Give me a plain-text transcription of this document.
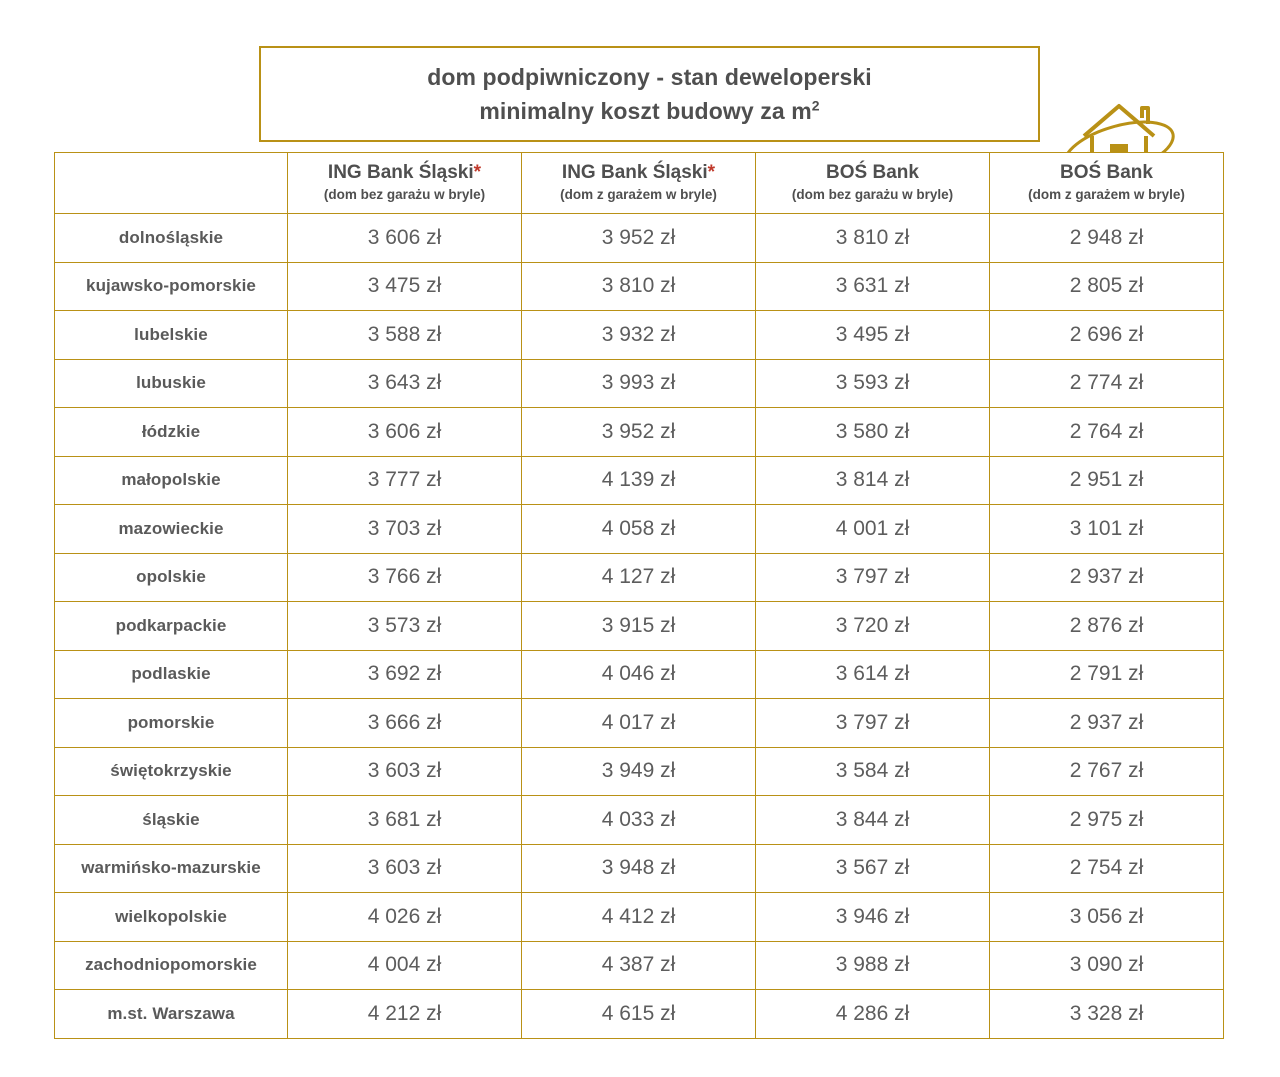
dom podpiwniczony - stan deweloperski
minimalny koszt budowy za $m^2$

ING Bank Śląski*
(dom bez garażu w bryle)

ING Bank Śląski*
(dom z garażem w bryle)

BOŚ Bank
(dom bez garażu w bryle)

BOŚ Bank
(dom z garażem w bryle)

dolnośląskie	3 606 zł	3 952 zł	3 810 zł	2 948 zł
kujawsko-pomorskie	3 475 zł	3 810 zł	3 631 zł	2 805 zł
lubelskie	3 588 zł	3 932 zł	3 495 zł	2 696 zł
lubuskie	3 643 zł	3 993 zł	3 593 zł	2 774 zł
łódzkie	3 606 zł	3 952 zł	3 580 zł	2 764 zł
małopolskie	3 777 zł	4 139 zł	3 814 zł	2 951 zł
mazowieckie	3 703 zł	4 058 zł	4 001 zł	3 101 zł
opolskie	3 766 zł	4 127 zł	3 797 zł	2 937 zł
podkarpackie	3 573 zł	3 915 zł	3 720 zł	2 876 zł
podlaskie	3 692 zł	4 046 zł	3 614 zł	2 791 zł
pomorskie	3 666 zł	4 017 zł	3 797 zł	2 937 zł
świętokrzyskie	3 603 zł	3 949 zł	3 584 zł	2 767 zł
śląskie	3 681 zł	4 033 zł	3 844 zł	2 975 zł
warmińsko-mazurskie	3 603 zł	3 948 zł	3 567 zł	2 754 zł
wielkopolskie	4 026 zł	4 412 zł	3 946 zł	3 056 zł
zachodniopomorskie	4 004 zł	4 387 zł	3 988 zł	3 090 zł
m.st. Warszawa	4 212 zł	4 615 zł	4 286 zł	3 328 zł
